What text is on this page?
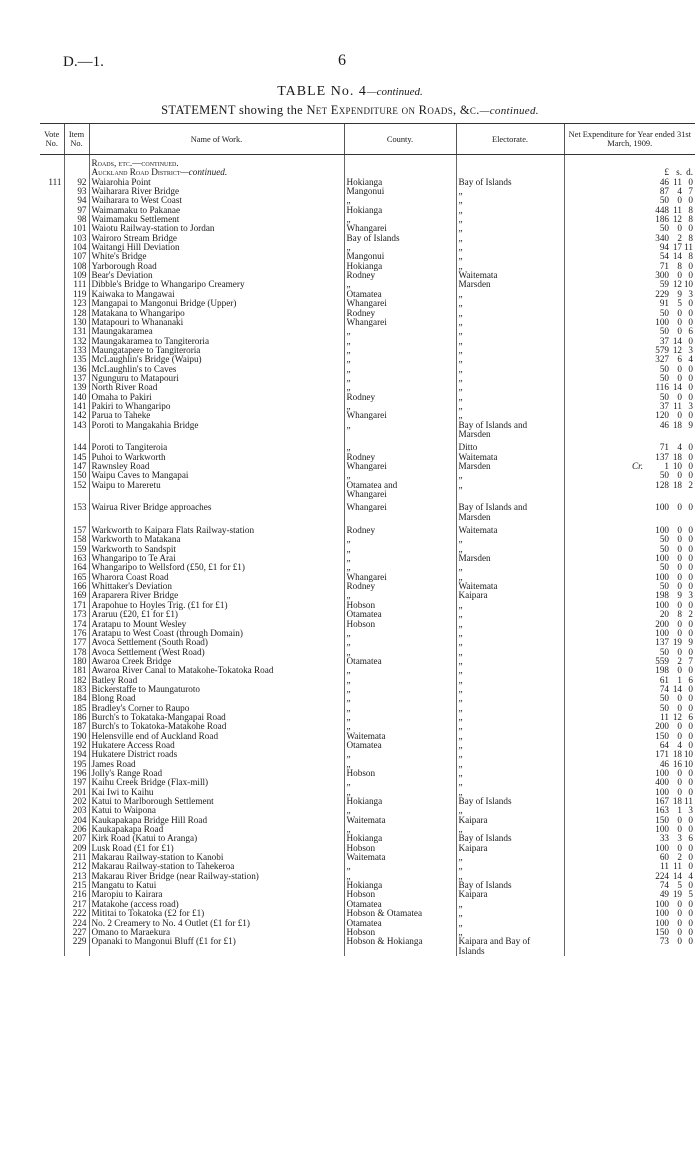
D.—1.	6
TABLE No. 4—continued.
STATEMENT showing the Net Expenditure on Roads, &c.—continued.
Vote No.	Item No.	Name of Work.	County.	Electorate.	Net Expenditure for Year ended 31st March, 1909.

		Roads, etc.—continued.			
		Auckland Road District—continued.			£ s. d.

111	92	Waiarohia Point	Hokianga	Bay of Islands	46 11 0

	93	Waiharara River Bridge	Mangonui	„	87 4 7

	94	Waiharara to West Coast	„	„	50 0 0

	97	Waimamaku to Pakanae	Hokianga	„	448 11 8

	98	Waimamaku Settlement	„	„	186 12 8

	101	Waiotu Railway-station to Jordan	Whangarei	„	50 0 0

	103	Wairoro Stream Bridge	Bay of Islands	„	340 2 8

	104	Waitangi Hill Deviation	„	„	94 17 11

	107	White's Bridge	Mangonui	„	54 14 8

	108	Yarborough Road	Hokianga	„	71 8 0

	109	Bear's Deviation	Rodney	Waitemata	300 0 0

	111	Dibble's Bridge to Whangaripo Creamery	„	Marsden	59 12 10

	119	Kaiwaka to Mangawai	Otamatea	„	229 9 3

	123	Mangapai to Mangonui Bridge (Upper)	Whangarei	„	91 5 0

	128	Matakana to Whangaripo	Rodney	„	50 0 0

	130	Matapouri to Whananaki	Whangarei	„	100 0 0

	131	Maungakaramea	„	„	50 0 6

	132	Maungakaramea to Tangiteroria	„	„	37 14 0

	133	Maungatapere to Tangiteroria	„	„	579 12 3

	135	McLaughlin's Bridge (Waipu)	„	„	327 6 4

	136	McLaughlin's to Caves	„	„	50 0 0

	137	Ngunguru to Matapouri	„	„	50 0 0

	139	North River Road	„	„	116 14 0

	140	Omaha to Pakiri	Rodney	„	50 0 0

	141	Pakiri to Whangaripo	„	„	37 11 3

	142	Parua to Taheke	Whangarei	„	120 0 0

	143	Poroti to Mangakahia Bridge	„	Bay of Islands and	46 18 9

				Marsden	

	144	Poroti to Tangiteroia	„	Ditto	71 4 0

	145	Puhoi to Warkworth	Rodney	Waitemata	137 18 0

	147	Rawnsley Road	Whangarei	Marsden	Cr. 1 10 0

	150	Waipu Caves to Mangapai	„	„	50 0 0

	152	Waipu to Mareretu	Otamatea and	„	128 18 2

			Whangarei		

	153	Wairua River Bridge approaches	Whangarei	Bay of Islands and	100 0 0

				Marsden	

	157	Warkworth to Kaipara Flats Railway-station	Rodney	Waitemata	100 0 0

	158	Warkworth to Matakana	„	„	50 0 0

	159	Warkworth to Sandspit	„	„	50 0 0

	163	Whangaripo to Te Arai	„	Marsden	100 0 0

	164	Whangaripo to Wellsford (£50, £1 for £1)	„	„	50 0 0

	165	Wharora Coast Road	Whangarei	„	100 0 0

	166	Whittaker's Deviation	Rodney	Waitemata	50 0 0

	169	Araparera River Bridge	„	Kaipara	198 9 3

	171	Arapohue to Hoyles Trig. (£1 for £1)	Hobson	„	100 0 0

	173	Araruu (£20, £1 for £1)	Otamatea	„	20 8 2

	174	Aratapu to Mount Wesley	Hobson	„	200 0 0

	176	Aratapu to West Coast (through Domain)	„	„	100 0 0

	177	Avoca Settlement (South Road)	„	„	137 19 9

	178	Avoca Settlement (West Road)	„	„	50 0 0

	180	Awaroa Creek Bridge	Otamatea	„	559 2 7

	181	Awaroa River Canal to Matakohe-Tokatoka Road	„	„	198 0 0

	182	Batley Road	„	„	61 1 6

	183	Bickerstaffe to Maungaturoto	„	„	74 14 0

	184	Blong Road	„	„	50 0 0

	185	Bradley's Corner to Raupo	„	„	50 0 0

	186	Burch's to Tokataka-Mangapai Road	„	„	11 12 6

	187	Burch's to Tokatoka-Matakohe Road	„	„	200 0 0

	190	Helensville end of Auckland Road	Waitemata	„	150 0 0

	192	Hukatere Access Road	Otamatea	„	64 4 0

	194	Hukatere District roads	„	„	171 18 10

	195	James Road	„	„	46 16 10

	196	Jolly's Range Road	Hobson	„	100 0 0

	197	Kaihu Creek Bridge (Flax-mill)	„	„	400 0 0

	201	Kai Iwi to Kaihu	„	„	100 0 0

	202	Katui to Marlborough Settlement	Hokianga	Bay of Islands	167 18 11

	203	Katui to Waipona	„	„	163 1 3

	204	Kaukapakapa Bridge Hill Road	Waitemata	Kaipara	150 0 0

	206	Kaukapakapa Road	„	„	100 0 0

	207	Kirk Road (Katui to Aranga)	Hokianga	Bay of Islands	33 3 6

	209	Lusk Road (£1 for £1)	Hobson	Kaipara	100 0 0

	211	Makarau Railway-station to Kanobi	Waitemata	„	60 2 0

	212	Makarau Railway-station to Tahekeroa	„	„	11 11 0

	213	Makarau River Bridge (near Railway-station)	„	„	224 14 4

	215	Mangatu to Katui	Hokianga	Bay of Islands	74 5 0

	216	Maropiu to Kairara	Hobson	Kaipara	49 19 5

	217	Matakohe (access road)	Otamatea	„	100 0 0

	222	Mititai to Tokatoka (£2 for £1)	Hobson & Otamatea	„	100 0 0

	224	No. 2 Creamery to No. 4 Outlet (£1 for £1)	Otamatea	„	100 0 0

	227	Omano to Maraekura	Hobson	„	150 0 0

	229	Opanaki to Mangonui Bluff (£1 for £1)	Hobson & Hokianga	Kaipara and Bay of	73 0 0

				Islands	
